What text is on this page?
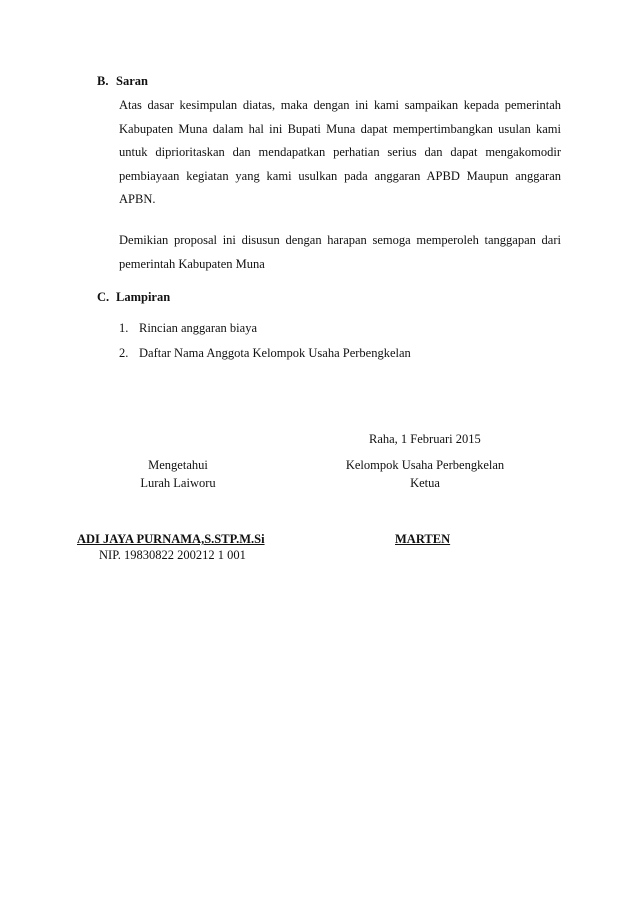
B. Saran

Atas dasar kesimpulan diatas, maka dengan ini kami sampaikan kepada pemerintah Kabupaten Muna dalam hal ini Bupati Muna dapat mempertimbangkan usulan kami untuk diprioritaskan dan mendapatkan perhatian serius dan dapat mengakomodir pembiayaan kegiatan yang kami usulkan pada anggaran APBD Maupun anggaran APBN.

Demikian proposal ini disusun dengan harapan semoga memperoleh tanggapan dari pemerintah Kabupaten Muna

C. Lampiran
1. Rincian anggaran biaya
2. Daftar Nama Anggota Kelompok Usaha Perbengkelan
Raha, 1 Februari 2015
Mengetahui
Lurah Laiworu
Kelompok Usaha Perbengkelan
Ketua
ADI JAYA PURNAMA,S.STP.M.Si
NIP. 19830822 200212 1 001
MARTEN
